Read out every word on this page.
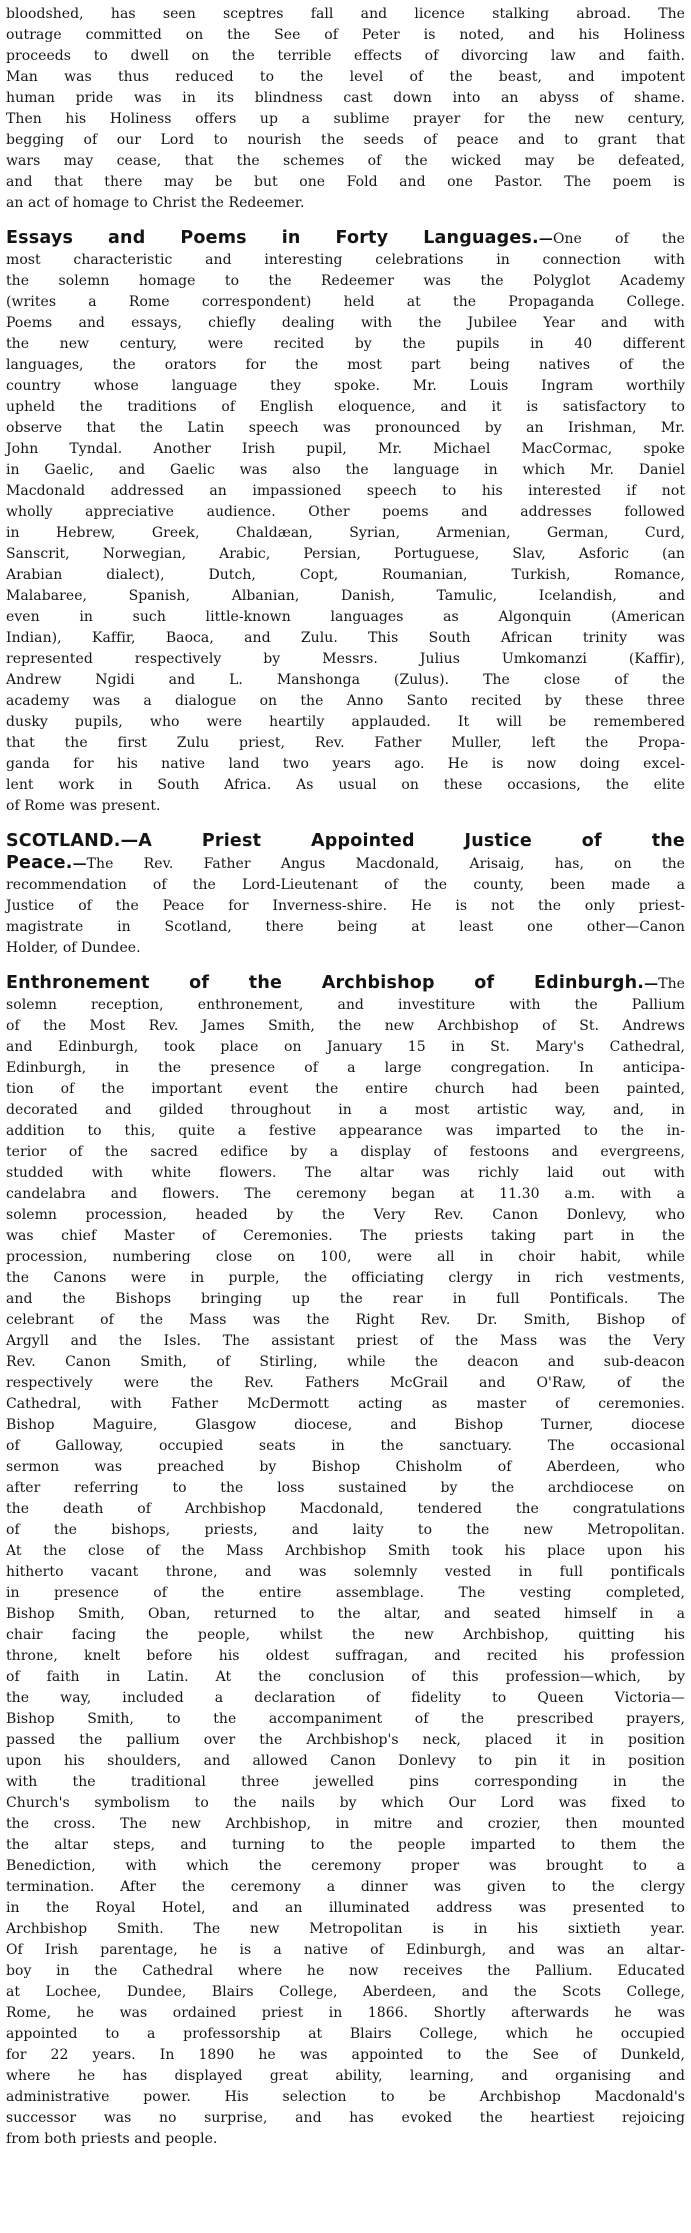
bloodshed, has seen sceptres fall and licence stalking abroad. The
outrage committed on the See of Peter is noted, and his Holiness
proceeds to dwell on the terrible effects of divorcing law and faith.
Man was thus reduced to the level of the beast, and impotent
human pride was in its blindness cast down into an abyss of shame.
Then his Holiness offers up a sublime prayer for the new century,
begging of our Lord to nourish the seeds of peace and to grant that
wars may cease, that the schemes of the wicked may be defeated,
and that there may be but one Fold and one Pastor. The poem is
an act of homage to Christ the Redeemer.
Essays and Poems in Forty Languages.—One of the
most characteristic and interesting celebrations in connection with
the solemn homage to the Redeemer was the Polyglot Academy
(writes a Rome correspondent) held at the Propaganda College.
Poems and essays, chiefly dealing with the Jubilee Year and with
the new century, were recited by the pupils in 40 different
languages, the orators for the most part being natives of the
country whose language they spoke. Mr. Louis Ingram worthily
upheld the traditions of English eloquence, and it is satisfactory to
observe that the Latin speech was pronounced by an Irishman, Mr.
John Tyndal. Another Irish pupil, Mr. Michael MacCormac, spoke
in Gaelic, and Gaelic was also the language in which Mr. Daniel
Macdonald addressed an impassioned speech to his interested if not
wholly appreciative audience. Other poems and addresses followed
in Hebrew, Greek, Chaldæan, Syrian, Armenian, German, Curd,
Sanscrit, Norwegian, Arabic, Persian, Portuguese, Slav, Asforic (an
Arabian dialect), Dutch, Copt, Roumanian, Turkish, Romance,
Malabaree, Spanish, Albanian, Danish, Tamulic, Icelandish, and
even in such little-known languages as Algonquin (American
Indian), Kaffir, Baoca, and Zulu. This South African trinity was
represented respectively by Messrs. Julius Umkomanzi (Kaffir),
Andrew Ngidi and L. Manshonga (Zulus). The close of the
academy was a dialogue on the Anno Santo recited by these three
dusky pupils, who were heartily applauded. It will be remembered
that the first Zulu priest, Rev. Father Muller, left the Propa-
ganda for his native land two years ago. He is now doing excel-
lent work in South Africa. As usual on these occasions, the elite
of Rome was present.
SCOTLAND.—A Priest Appointed Justice of the
Peace.—The Rev. Father Angus Macdonald, Arisaig, has, on the
recommendation of the Lord-Lieutenant of the county, been made a
Justice of the Peace for Inverness-shire. He is not the only priest-
magistrate in Scotland, there being at least one other—Canon
Holder, of Dundee.
Enthronement of the Archbishop of Edinburgh.—The
solemn reception, enthronement, and investiture with the Pallium
of the Most Rev. James Smith, the new Archbishop of St. Andrews
and Edinburgh, took place on January 15 in St. Mary's Cathedral,
Edinburgh, in the presence of a large congregation. In anticipa-
tion of the important event the entire church had been painted,
decorated and gilded throughout in a most artistic way, and, in
addition to this, quite a festive appearance was imparted to the in-
terior of the sacred edifice by a display of festoons and evergreens,
studded with white flowers. The altar was richly laid out with
candelabra and flowers. The ceremony began at 11.30 a.m. with a
solemn procession, headed by the Very Rev. Canon Donlevy, who
was chief Master of Ceremonies. The priests taking part in the
procession, numbering close on 100, were all in choir habit, while
the Canons were in purple, the officiating clergy in rich vestments,
and the Bishops bringing up the rear in full Pontificals. The
celebrant of the Mass was the Right Rev. Dr. Smith, Bishop of
Argyll and the Isles. The assistant priest of the Mass was the Very
Rev. Canon Smith, of Stirling, while the deacon and sub-deacon
respectively were the Rev. Fathers McGrail and O'Raw, of the
Cathedral, with Father McDermott acting as master of ceremonies.
Bishop Maguire, Glasgow diocese, and Bishop Turner, diocese
of Galloway, occupied seats in the sanctuary. The occasional
sermon was preached by Bishop Chisholm of Aberdeen, who
after referring to the loss sustained by the archdiocese on
the death of Archbishop Macdonald, tendered the congratulations
of the bishops, priests, and laity to the new Metropolitan.
At the close of the Mass Archbishop Smith took his place upon his
hitherto vacant throne, and was solemnly vested in full pontificals
in presence of the entire assemblage. The vesting completed,
Bishop Smith, Oban, returned to the altar, and seated himself in a
chair facing the people, whilst the new Archbishop, quitting his
throne, knelt before his oldest suffragan, and recited his profession
of faith in Latin. At the conclusion of this profession—which, by
the way, included a declaration of fidelity to Queen Victoria—
Bishop Smith, to the accompaniment of the prescribed prayers,
passed the pallium over the Archbishop's neck, placed it in position
upon his shoulders, and allowed Canon Donlevy to pin it in position
with the traditional three jewelled pins corresponding in the
Church's symbolism to the nails by which Our Lord was fixed to
the cross. The new Archbishop, in mitre and crozier, then mounted
the altar steps, and turning to the people imparted to them the
Benediction, with which the ceremony proper was brought to a
termination. After the ceremony a dinner was given to the clergy
in the Royal Hotel, and an illuminated address was presented to
Archbishop Smith. The new Metropolitan is in his sixtieth year.
Of Irish parentage, he is a native of Edinburgh, and was an altar-
boy in the Cathedral where he now receives the Pallium. Educated
at Lochee, Dundee, Blairs College, Aberdeen, and the Scots College,
Rome, he was ordained priest in 1866. Shortly afterwards he was
appointed to a professorship at Blairs College, which he occupied
for 22 years. In 1890 he was appointed to the See of Dunkeld,
where he has displayed great ability, learning, and organising and
administrative power. His selection to be Archbishop Macdonald's
successor was no surprise, and has evoked the heartiest rejoicing
from both priests and people.
